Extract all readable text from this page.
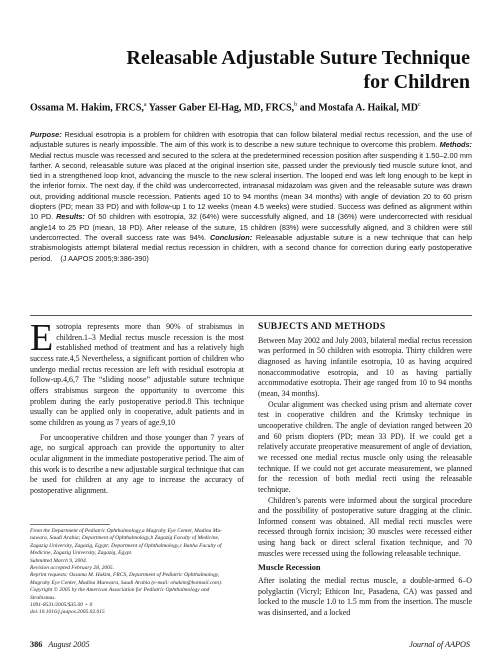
Releasable Adjustable Suture Technique
for Children
Ossama M. Hakim, FRCS,$^a$ Yasser Gaber El-Hag, MD, FRCS,$^b$ and Mostafa A. Haikal, $MD^c$
Purpose: Residual esotropia is a problem for children with esotropia that can follow bilateral medial rectus recession, and the use of adjustable sutures is nearly impossible. The aim of this work is to describe a new suture technique to overcome this problem. Methods: Medial rectus muscle was recessed and secured to the sclera at the predetermined recession position after suspending it 1.50–2.00 mm farther. A second, releasable suture was placed at the original insertion site, passed under the previously tied muscle suture knot, and tied in a strengthened loop knot, advancing the muscle to the new scleral insertion. The looped end was left long enough to be kept in the inferior fornix. The next day, if the child was undercorrected, intranasal midazolam was given and the releasable suture was drawn out, providing additional muscle recession. Patients aged 10 to 94 months (mean 34 months) with angle of deviation 20 to 60 prism diopters (PD; mean 33 PD) and with follow-up 1 to 12 weeks (mean 4.5 weeks) were studied. Success was defined as alignment within 10 PD. Results: Of 50 children with esotropia, 32 (64%) were successfully aligned, and 18 (36%) were undercorrected with residual angle14 to 25 PD (mean, 18 PD). After release of the suture, 15 children (83%) were successfully aligned, and 3 children were still undercorrected. The overall success rate was 94%. Conclusion: Releasable adjustable suture is a new technique that can help strabismologists attempt bilateral medial rectus recession in children, with a second chance for correction during early postoperative period.    (J AAPOS 2005;9:386-390)

Esotropia represents more than 90% of strabismus in children.1–3 Medial rectus muscle recession is the most established method of treatment and has a relatively high success rate.4,5 Nevertheless, a significant portion of children who undergo medial rectus recession are left with residual esotropia at follow-up.4,6,7 The “sliding noose” adjustable suture technique offers strabismus surgeon the opportunity to overcome this problem during the early postoperative period.8 This technique usually can be applied only in cooperative, adult patients and in some children as young as 7 years of age.9,10

For uncooperative children and those younger than 7 years of age, no surgical approach can provide the opportunity to alter ocular alignment in the immediate postoperative period. The aim of this work is to describe a new adjustable surgical technique that can be used for children at any age to increase the accuracy of postoperative alignment.

From the Department of Pediatric Ophthalmology,a Magraby Eye Center, Madina Mu-
nawara, Saudi Arabia; Department of Ophthalmology,b Zagazig Faculty of Medicine,
Zagazig University, Zagazig, Egypt; Department of Ophthalmology,c Banha Faculty of
Medicine, Zagazig University, Zagazig, Egypt.
Submitted March 9, 2004.
Revision accepted February 28, 2005.
Reprint requests: Ossama M. Hakim, FRCS, Department of Pediatric Ophthalmology,
Magraby Eye Center, Madina Munwara, Saudi Arabia (e-mail: ohakim@hotmail.com).
Copyright © 2005 by the American Association for Pediatric Ophthalmology and
Strabismus.
1091-8531/2005/$35.00 + 0
doi:10.1016/j.jaapos.2005.02.015
SUBJECTS AND METHODS

Between May 2002 and July 2003, bilateral medial rectus recession was performed in 50 children with esotropia. Thirty children were diagnosed as having infantile esotropia, 10 as having acquired nonaccommodative esotropia, and 10 as having partially accommodative esotropia. Their age ranged from 10 to 94 months (mean, 34 months).

Ocular alignment was checked using prism and alternate cover test in cooperative children and the Krimsky technique in uncooperative children. The angle of deviation ranged between 20 and 60 prism diopters (PD; mean 33 PD). If we could get a relatively accurate preoperative measurement of angle of deviation, we recessed one medial rectus muscle only using the releasable technique. If we could not get accurate measurement, we planned for the recession of both medial recti using the releasable technique.

Children’s parents were informed about the surgical procedure and the possibility of postoperative suture dragging at the clinic. Informed consent was obtained. All medial recti muscles were recessed through fornix incision; 30 muscles were recessed either using hang back or direct scleral fixation technique, and 70 muscles were recessed using the following releasable technique.

Muscle Recession

After isolating the medial rectus muscle, a double-armed 6–O polyglactin (Vicryl; Ethicon Inc, Pasadena, CA) was passed and locked to the muscle 1.0 to 1.5 mm from the insertion. The muscle was disinserted, and a locked

386 August 2005	Journal of AAPOS
